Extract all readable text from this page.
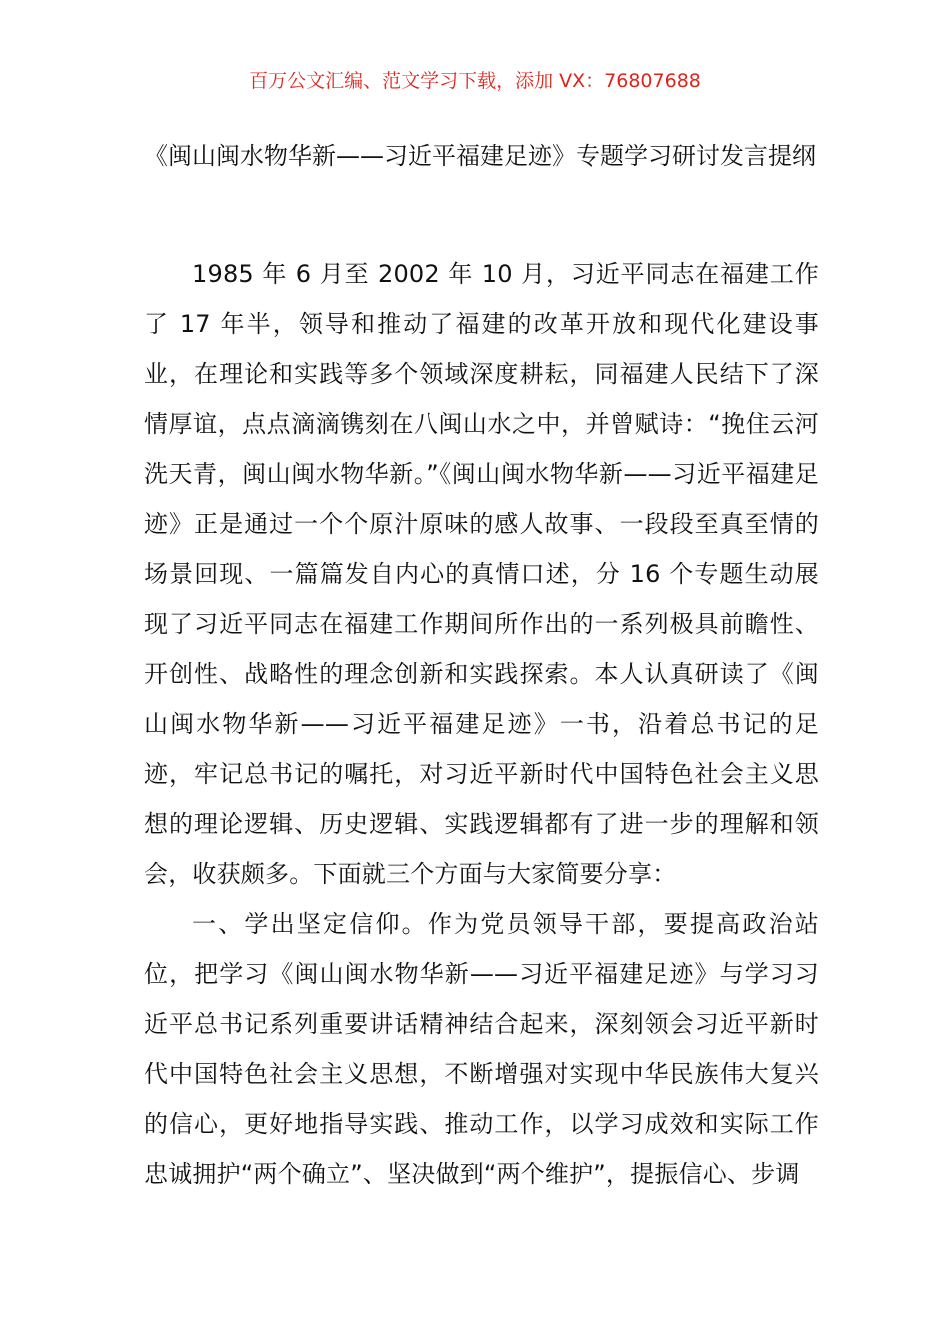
百万公文汇编、范文学习下载，添加 VX：76807688
《闽山闽水物华新——习近平福建足迹》专题学习研讨发言提纲

1985 年 6 月至 2002 年 10 月，习近平同志在福建工作了 17 年半，领导和推动了福建的改革开放和现代化建设事业，在理论和实践等多个领域深度耕耘，同福建人民结下了深情厚谊，点点滴滴镌刻在八闽山水之中，并曾赋诗：“挽住云河洗天青，闽山闽水物华新。”《闽山闽水物华新——习近平福建足迹》正是通过一个个原汁原味的感人故事、一段段至真至情的场景回现、一篇篇发自内心的真情口述，分 16 个专题生动展现了习近平同志在福建工作期间所作出的一系列极具前瞻性、开创性、战略性的理念创新和实践探索。本人认真研读了《闽山闽水物华新——习近平福建足迹》一书，沿着总书记的足迹，牢记总书记的嘱托，对习近平新时代中国特色社会主义思想的理论逻辑、历史逻辑、实践逻辑都有了进一步的理解和领会，收获颇多。下面就三个方面与大家简要分享：

一、学出坚定信仰。作为党员领导干部，要提高政治站位，把学习《闽山闽水物华新——习近平福建足迹》与学习习近平总书记系列重要讲话精神结合起来，深刻领会习近平新时代中国特色社会主义思想，不断增强对实现中华民族伟大复兴的信心，更好地指导实践、推动工作，以学习成效和实际工作忠诚拥护“两个确立”、坚决做到“两个维护”，提振信心、步调
